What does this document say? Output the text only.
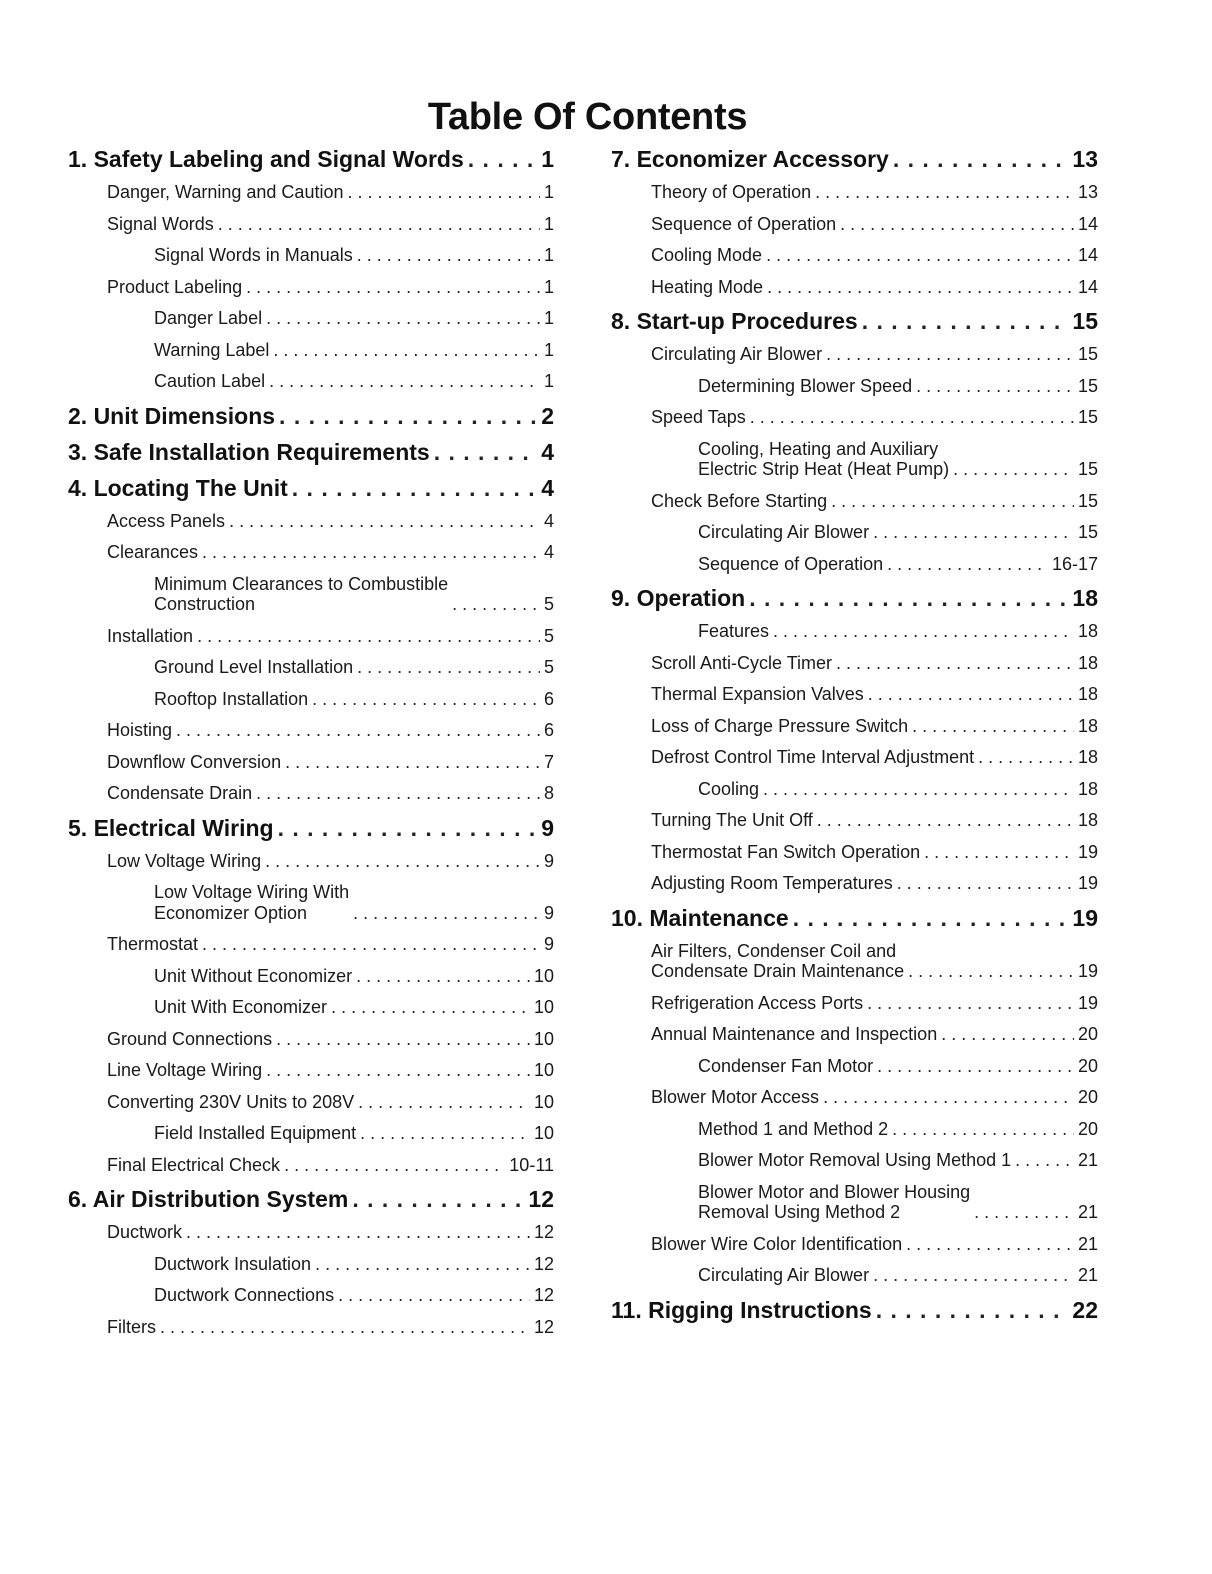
Table Of Contents
1. Safety Labeling and Signal Words . . .	1
Danger, Warning and Caution . . .	1
Signal Words . . .	1
Signal Words in Manuals . . .	1
Product Labeling . . .	1
Danger Label . . .	1
Warning Label . . .	1
Caution Label . . .	1
2. Unit Dimensions . . .	2
3. Safe Installation Requirements . . .	4
4. Locating The Unit . . .	4
Access Panels . . .	4
Clearances . . .	4
Minimum Clearances to Combustible
Construction . . .	5
Installation . . .	5
Ground Level Installation . . .	5
Rooftop Installation . . .	6
Hoisting . . .	6
Downflow Conversion . . .	7
Condensate Drain . . .	8
5. Electrical Wiring . . .	9
Low Voltage Wiring . . .	9
Low Voltage Wiring With
Economizer Option . . .	9
Thermostat . . .	9
Unit Without Economizer . . .	10
Unit With Economizer . . .	10
Ground Connections . . .	10
Line Voltage Wiring . . .	10
Converting 230V Units to 208V . . .	10
Field Installed Equipment . . .	10
Final Electrical Check . . .	10-11
6. Air Distribution System . . .	12
Ductwork . . .	12
Ductwork Insulation . . .	12
Ductwork Connections . . .	12
Filters . . .	12
7. Economizer Accessory . . .	13
Theory of Operation . . .	13
Sequence of Operation . . .	14
Cooling Mode . . .	14
Heating Mode . . .	14
8. Start-up Procedures . . .	15
Circulating Air Blower . . .	15
Determining Blower Speed . . .	15
Speed Taps . . .	15
Cooling, Heating and Auxiliary
Electric Strip Heat (Heat Pump) . . .	15
Check Before Starting . . .	15
Circulating Air Blower . . .	15
Sequence of Operation . . .	16-17
9. Operation . . .	18
Features . . .	18
Scroll Anti-Cycle Timer . . .	18
Thermal Expansion Valves . . .	18
Loss of Charge Pressure Switch . . .	18
Defrost Control Time Interval Adjustment . . .	18
Cooling . . .	18
Turning The Unit Off . . .	18
Thermostat Fan Switch Operation . . .	19
Adjusting Room Temperatures . . .	19
10. Maintenance . . .	19
Air Filters, Condenser Coil and
Condensate Drain Maintenance . . .	19
Refrigeration Access Ports . . .	19
Annual Maintenance and Inspection . . .	20
Condenser Fan Motor . . .	20
Blower Motor Access . . .	20
Method 1 and Method 2 . . .	20
Blower Motor Removal Using Method 1 . . .	21
Blower Motor and Blower Housing
Removal Using Method 2 . . .	21
Blower Wire Color Identification . . .	21
Circulating Air Blower . . .	21
11. Rigging Instructions . . .	22
